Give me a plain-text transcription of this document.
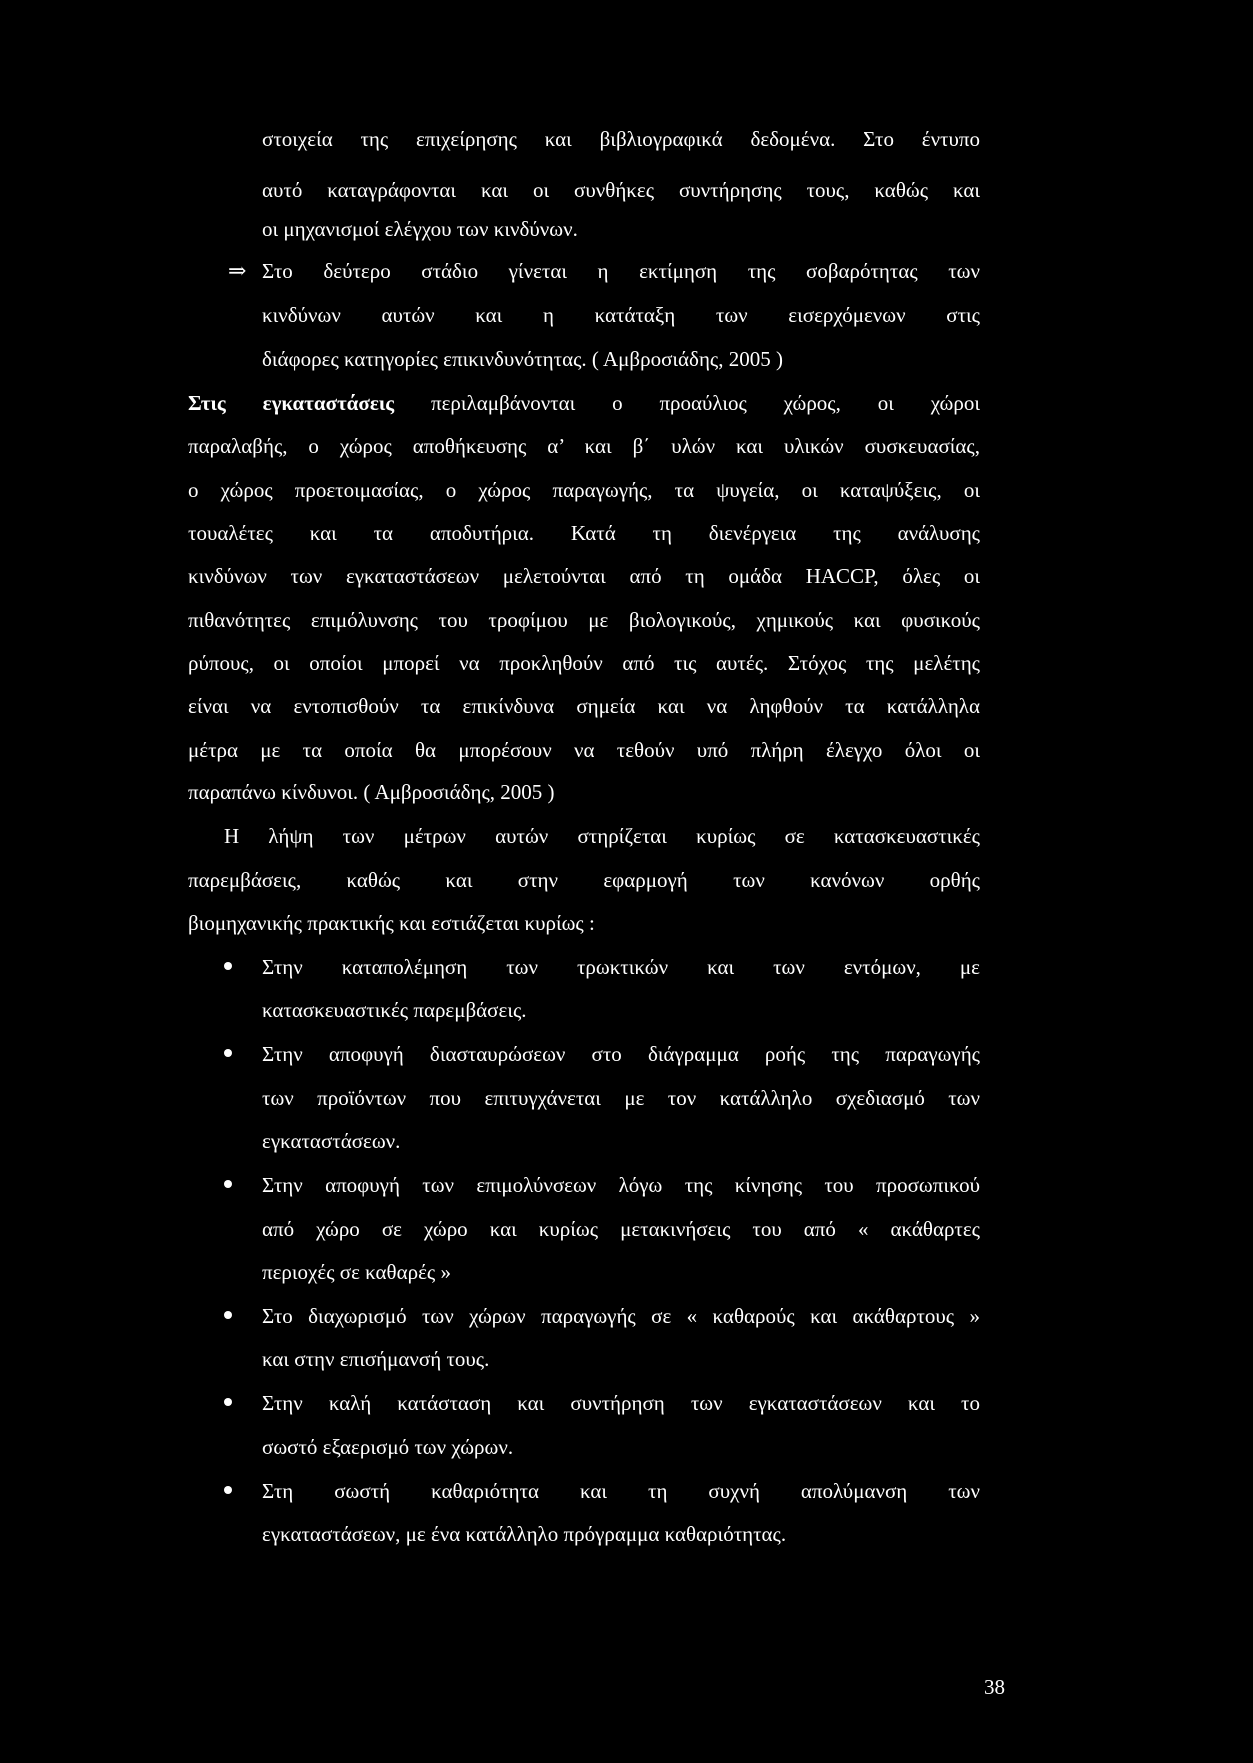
στοιχεία της επιχείρησης και βιβλιογραφικά δεδομένα. Στο έντυπο
αυτό καταγράφονται και οι συνθήκες συντήρησης τους, καθώς και
οι μηχανισμοί ελέγχου των κινδύνων.
⇒ Στο δεύτερο στάδιο γίνεται η εκτίμηση της σοβαρότητας των
κινδύνων αυτών και η κατάταξη των εισερχόμενων στις
διάφορες κατηγορίες επικινδυνότητας. ( Αμβροσιάδης, 2005 )
Στις εγκαταστάσεις περιλαμβάνονται ο προαύλιος χώρος, οι χώροι
παραλαβής, ο χώρος αποθήκευσης α’ και β΄ υλών και υλικών συσκευασίας,
ο χώρος προετοιμασίας, ο χώρος παραγωγής, τα ψυγεία, οι καταψύξεις, οι
τουαλέτες και τα αποδυτήρια. Κατά τη διενέργεια της ανάλυσης
κινδύνων των εγκαταστάσεων μελετούνται από τη ομάδα HACCP, όλες οι
πιθανότητες επιμόλυνσης του τροφίμου με βιολογικούς, χημικούς και φυσικούς
ρύπους, οι οποίοι μπορεί να προκληθούν από τις αυτές. Στόχος της μελέτης
είναι να εντοπισθούν τα επικίνδυνα σημεία και να ληφθούν τα κατάλληλα
μέτρα με τα οποία θα μπορέσουν να τεθούν υπό πλήρη έλεγχο όλοι οι
παραπάνω κίνδυνοι. ( Αμβροσιάδης, 2005 )
Η λήψη των μέτρων αυτών στηρίζεται κυρίως σε κατασκευαστικές
παρεμβάσεις, καθώς και στην εφαρμογή των κανόνων ορθής
βιομηχανικής πρακτικής και εστιάζεται κυρίως :
Στην καταπολέμηση των τρωκτικών και των εντόμων, με
κατασκευαστικές παρεμβάσεις.
Στην αποφυγή διασταυρώσεων στο διάγραμμα ροής της παραγωγής
των προϊόντων που επιτυγχάνεται με τον κατάλληλο σχεδιασμό των
εγκαταστάσεων.
Στην αποφυγή των επιμολύνσεων λόγω της κίνησης του προσωπικού
από χώρο σε χώρο και κυρίως μετακινήσεις του από « ακάθαρτες
περιοχές σε καθαρές »
Στο διαχωρισμό των χώρων παραγωγής σε « καθαρούς και ακάθαρτους »
και στην επισήμανσή τους.
Στην καλή κατάσταση και συντήρηση των εγκαταστάσεων και το
σωστό εξαερισμό των χώρων.
Στη σωστή καθαριότητα και τη συχνή απολύμανση των
εγκαταστάσεων, με ένα κατάλληλο πρόγραμμα καθαριότητας.
38
